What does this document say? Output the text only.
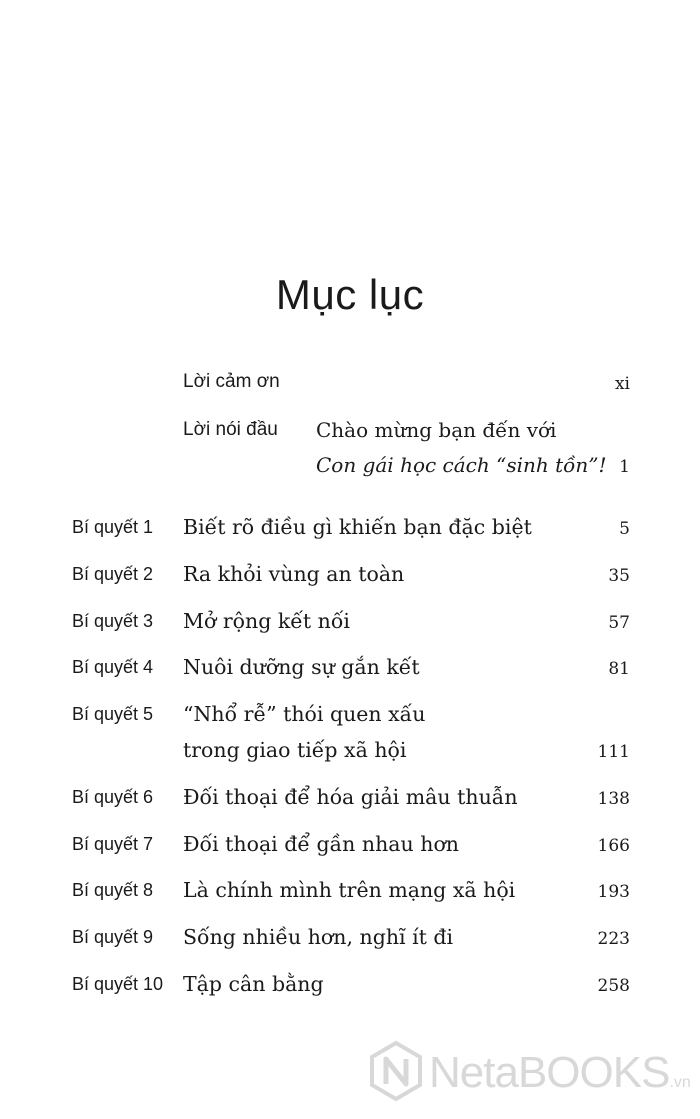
Mục lục
Lời cảm ơn	xi
Lời nói đầu Chào mừng bạn đến với
Con gái học cách “sinh tồn”! 1
Bí quyết 1 Biết rõ điều gì khiến bạn đặc biệt	5
Bí quyết 2 Ra khỏi vùng an toàn	35
Bí quyết 3 Mở rộng kết nối	57
Bí quyết 4 Nuôi dưỡng sự gắn kết	81
Bí quyết 5 “Nhổ rễ” thói quen xấu
trong giao tiếp xã hội	111
Bí quyết 6 Đối thoại để hóa giải mâu thuẫn	138
Bí quyết 7 Đối thoại để gần nhau hơn	166
Bí quyết 8 Là chính mình trên mạng xã hội	193
Bí quyết 9 Sống nhiều hơn, nghĩ ít đi	223
Bí quyết 10 Tập cân bằng	258
NetaBOOKS.vn
